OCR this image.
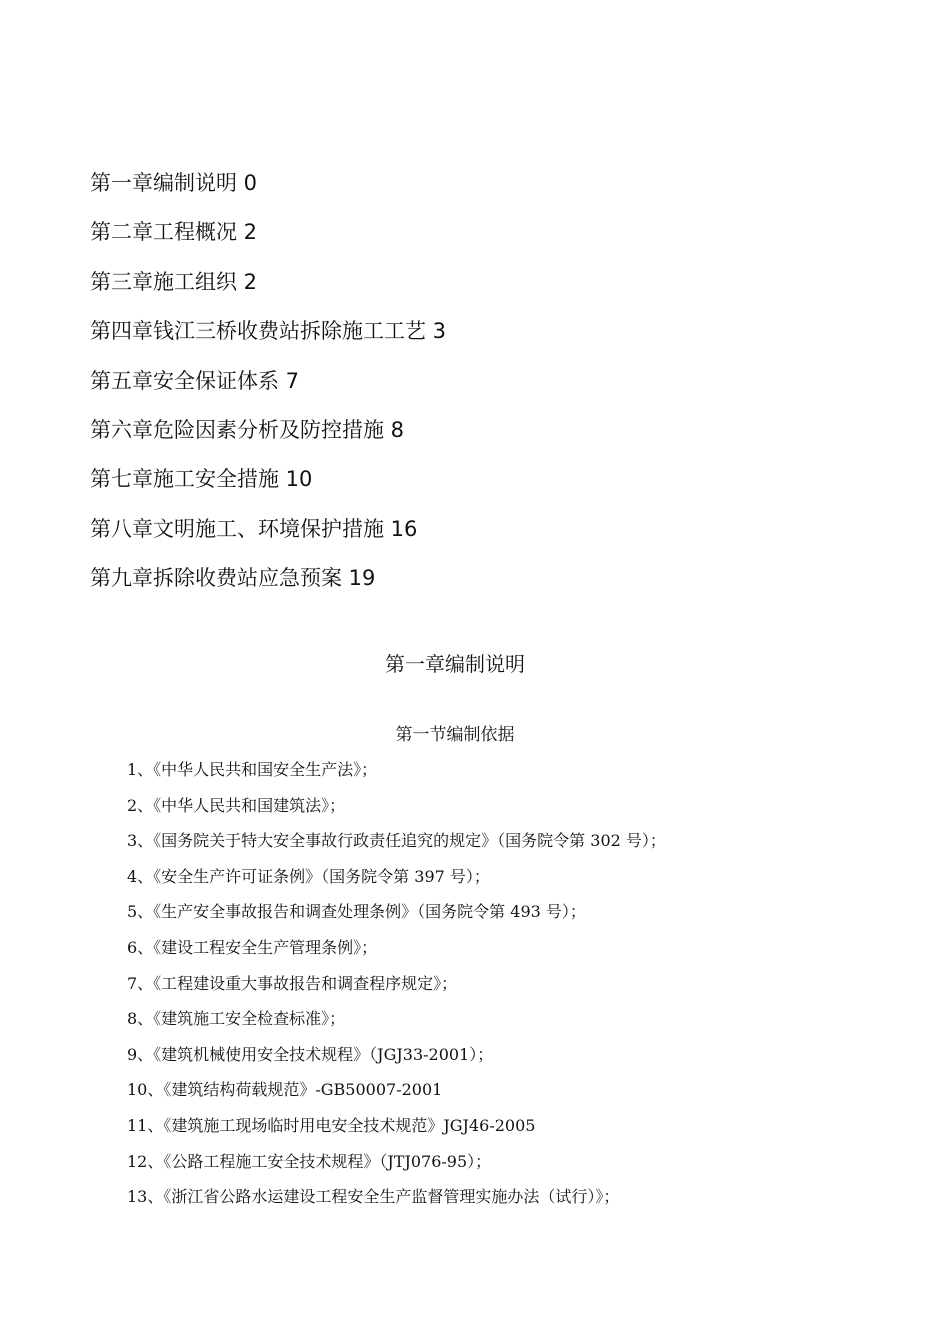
第一章编制说明 0
第二章工程概况 2
第三章施工组织 2
第四章钱江三桥收费站拆除施工工艺 3
第五章安全保证体系 7
第六章危险因素分析及防控措施 8
第七章施工安全措施 10
第八章文明施工、环境保护措施 16
第九章拆除收费站应急预案 19
第一章编制说明
第一节编制依据
1、《中华人民共和国安全生产法》；
2、《中华人民共和国建筑法》；
3、《国务院关于特大安全事故行政责任追究的规定》（国务院令第 302 号）；
4、《安全生产许可证条例》（国务院令第 397 号）；
5、《生产安全事故报告和调查处理条例》（国务院令第 493 号）；
6、《建设工程安全生产管理条例》；
7、《工程建设重大事故报告和调查程序规定》；
8、《建筑施工安全检查标准》；
9、《建筑机械使用安全技术规程》（JGJ33-2001）；
10、《建筑结构荷载规范》-GB50007-2001
11、《建筑施工现场临时用电安全技术规范》JGJ46-2005
12、《公路工程施工安全技术规程》（JTJ076-95）；
13、《浙江省公路水运建设工程安全生产监督管理实施办法（试行）》；
